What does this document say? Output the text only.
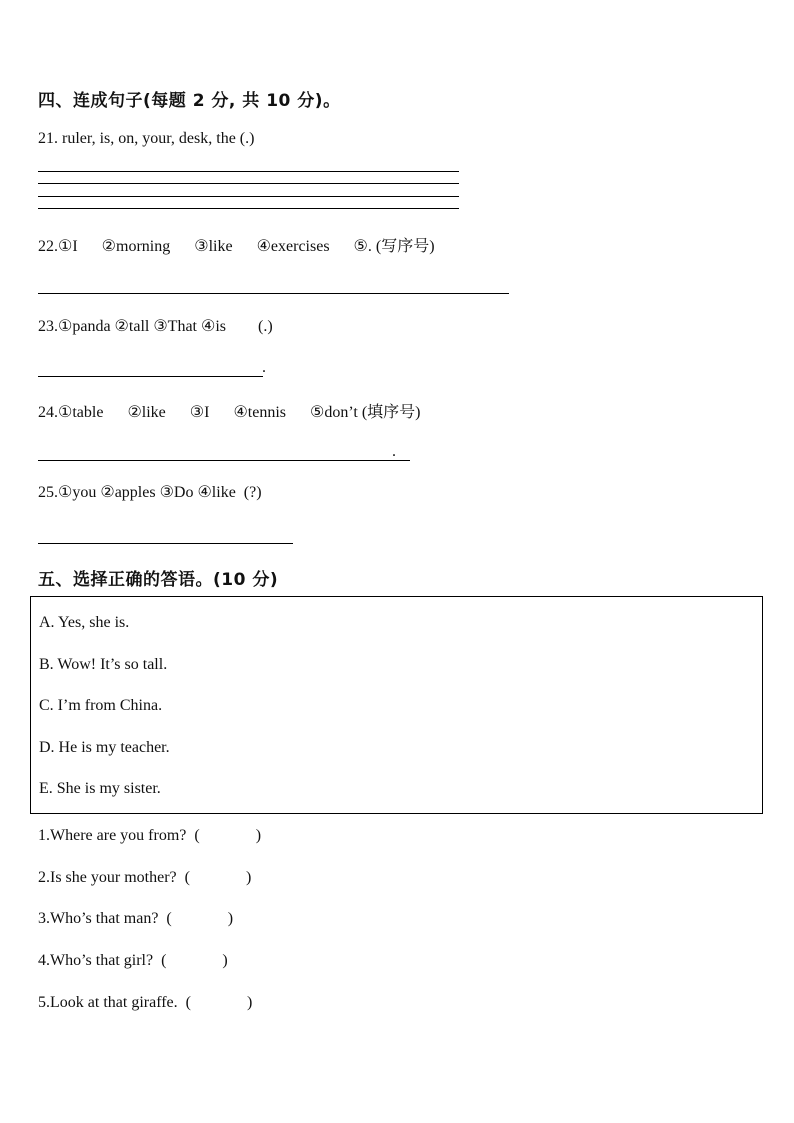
四、连成句子(每题 2 分, 共 10 分)。
21. ruler, is, on, your, desk, the (.)
22.①I      ②morning      ③like      ④exercises      ⑤. (写序号)
23.①panda ②tall ③That ④is        (.)
.
24.①table      ②like      ③I      ④tennis      ⑤don’t (填序号)
.
25.①you ②apples ③Do ④like  (?)
五、选择正确的答语。(10 分)
A. Yes, she is.
B. Wow! It’s so tall.
C. I’m from China.
D. He is my teacher.
E. She is my sister.
1.Where are you from?  (              )
2.Is she your mother?  (              )
3.Who’s that man?  (              )
4.Who’s that girl?  (              )
5.Look at that giraffe.  (              )
